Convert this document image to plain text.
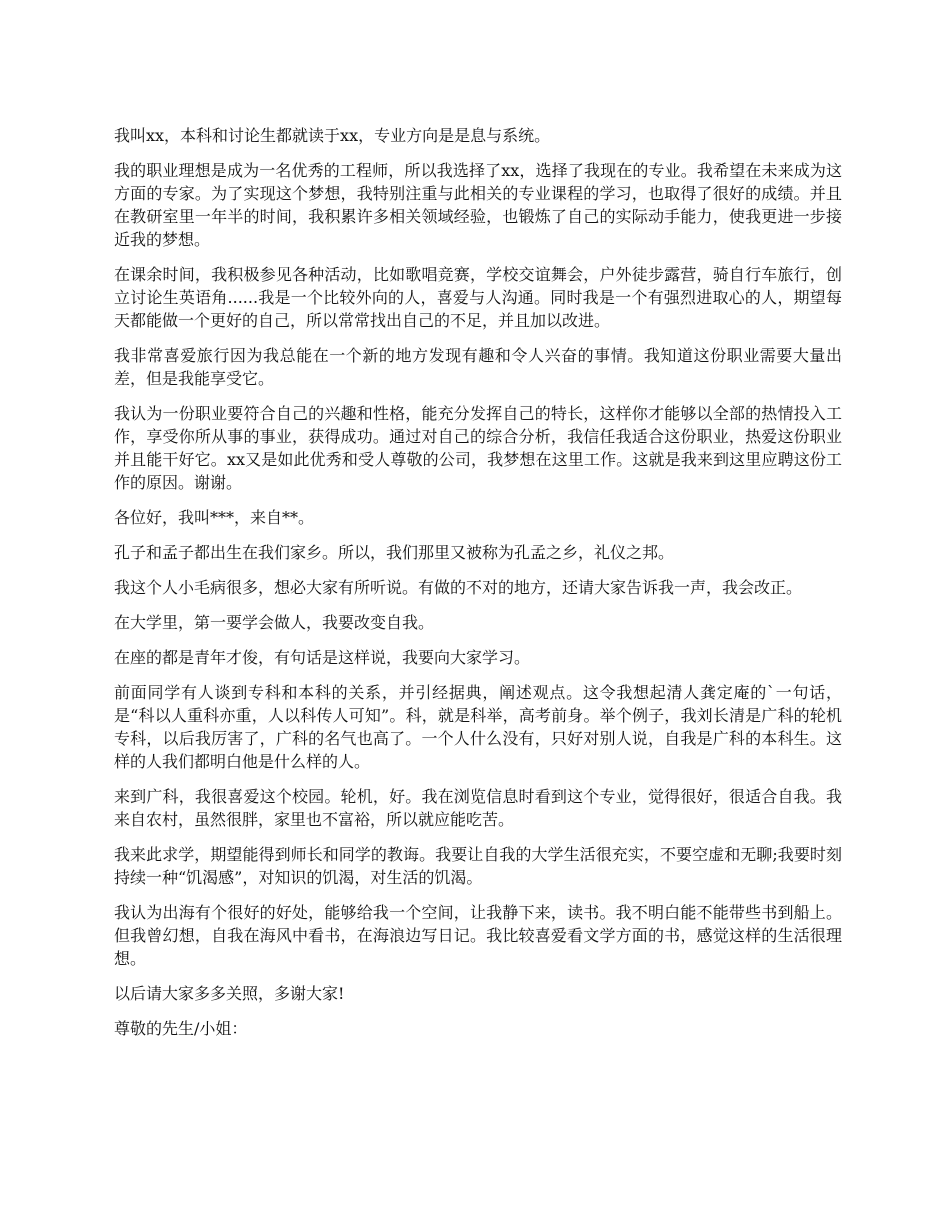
我叫xx，本科和讨论生都就读于xx，专业方向是是息与系统。

我的职业理想是成为一名优秀的工程师，所以我选择了xx，选择了我现在的专业。我希望在未来成为这方面的专家。为了实现这个梦想，我特别注重与此相关的专业课程的学习，也取得了很好的成绩。并且在教研室里一年半的时间，我积累许多相关领域经验，也锻炼了自己的实际动手能力，使我更进一步接近我的梦想。

在课余时间，我积极参见各种活动，比如歌唱竞赛，学校交谊舞会，户外徒步露营，骑自行车旅行，创立讨论生英语角......我是一个比较外向的人，喜爱与人沟通。同时我是一个有强烈进取心的人，期望每天都能做一个更好的自己，所以常常找出自己的不足，并且加以改进。

我非常喜爱旅行因为我总能在一个新的地方发现有趣和令人兴奋的事情。我知道这份职业需要大量出差，但是我能享受它。

我认为一份职业要符合自己的兴趣和性格，能充分发挥自己的特长，这样你才能够以全部的热情投入工作，享受你所从事的事业，获得成功。通过对自己的综合分析，我信任我适合这份职业，热爱这份职业并且能干好它。xx又是如此优秀和受人尊敬的公司，我梦想在这里工作。这就是我来到这里应聘这份工作的原因。谢谢。

各位好，我叫***，来自**。

孔子和孟子都出生在我们家乡。所以，我们那里又被称为孔孟之乡，礼仪之邦。

我这个人小毛病很多，想必大家有所听说。有做的不对的地方，还请大家告诉我一声，我会改正。

在大学里，第一要学会做人，我要改变自我。

在座的都是青年才俊，有句话是这样说，我要向大家学习。

前面同学有人谈到专科和本科的关系，并引经据典，阐述观点。这令我想起清人龚定庵的`一句话，是“科以人重科亦重，人以科传人可知”。科，就是科举，高考前身。举个例子，我刘长清是广科的轮机专科，以后我厉害了，广科的名气也高了。一个人什么没有，只好对别人说，自我是广科的本科生。这样的人我们都明白他是什么样的人。

来到广科，我很喜爱这个校园。轮机，好。我在浏览信息时看到这个专业，觉得很好，很适合自我。我来自农村，虽然很胖，家里也不富裕，所以就应能吃苦。

我来此求学，期望能得到师长和同学的教诲。我要让自我的大学生活很充实，不要空虚和无聊;我要时刻持续一种“饥渴感”，对知识的饥渴，对生活的饥渴。

我认为出海有个很好的好处，能够给我一个空间，让我静下来，读书。我不明白能不能带些书到船上。但我曾幻想，自我在海风中看书，在海浪边写日记。我比较喜爱看文学方面的书，感觉这样的生活很理想。

以后请大家多多关照，多谢大家!

尊敬的先生/小姐：
